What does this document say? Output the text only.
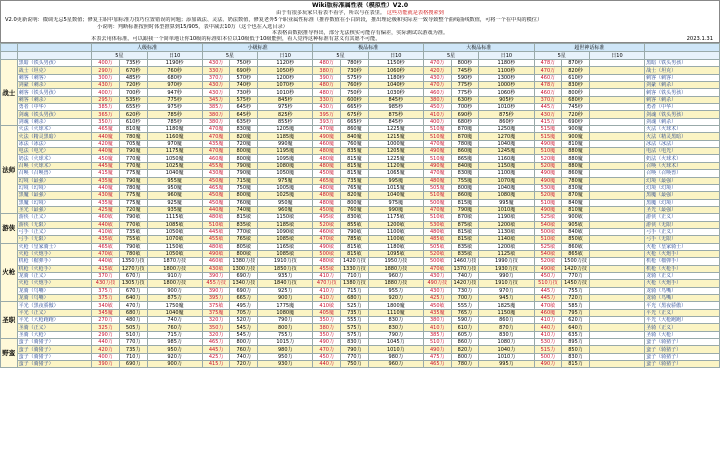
Wiki版标准属性表（模拟性）V2.0
由于有很多玩家只看表不看字，所以与在表里。 这些功能就是表格搜索到
V2.0更新说明：微调无忌5星数值；修复主职中加标准力技巧位置错误的问题；添加战法、灵法、奶法数值，修复老外5个职业属性标准（推荐数值在小白阶段，推出理论极和实际差一致导致整个曲线曲线数值，可将一个在中央的模位）
小说明：判断标准按照时体型推算到15/905，表中减去10万（这个也在入选目录）
本表格由数据推导得出，部分无法核实可能存有偏差，实际测试以游戏为准。
本表去用体标准。可以跟我一个简单地让你10级的标准如本位以10级低于10级能照，看人觉得这种标准有意义有其愿不可能。	2023.1.31
		人级标准			小级标准			极品标准			大极品标准			超世神话标准			
		5星		日10	5星		日10	5星		日10	5星		日10	5星		日10	
战士	黑暗（铁头男孩）	400万	735秒	1190秒	430万	750秒	1120秒	480万	780秒	1150秒	470万	800秒	1180秒	478万	870秒		黑暗（铁头男孩）
	战士（坦克）	290万	670秒	760秒	330万	690秒	1050秒	380万	730秒	1060秒	420万	745秒	1100秒	470万	820秒		战士（坦克）
	刺客（刺客）	300万	485秒	680秒	370万	570秒	1200秒	390万	575秒	1180秒	430万	590秒	1300秒	460万	610秒		刺客（刺客）
	剑豪（刺杀）	430万	720秒	970秒	430万	740秒	1070秒	480万	760秒	1040秒	470万	775秒	1000秒	478万	830秒		剑豪（刺杀）
	刺客（铁头男孩）	400万	700秒	947秒	430万	730秒	1010秒	480万	750秒	1030秒	460万	775秒	1060秒	460万	800秒		刺客（铁头男孩）
	刺客（刺杀）	295万	535秒	775秒	345万	575秒	845秒	330万	600秒	845秒	380万	630秒	905秒	370万	680秒		刺客（刺杀）
	勇者（中华）	385万	655秒	975秒	385万	645秒	975秒	430万	665秒	985秒	450万	700秒	1010秒	445万	745秒		勇者（中华）
	剑魂（铁头男孩）	365万	620秒	785秒	380万	645秒	825秒	395万	675秒	875秒	410万	690秒	875秒	430万	720秒		剑魂（铁头男孩）
	剑魂（刺杀）	350万	610秒	785秒	380万	635秒	855秒	393万	665秒	845秒	400万	680秒	860秒	415万	690秒		剑魂（刺杀）
法师	火法（火球术）	465魔	810魔	1180魔	470魔	830魔	1205魔	470魔	860魔	1225魔	510魔	870魔	1250魔	515魔	900魔		火法（火球术）
	火法（精灵黑暗）	440魔	780魔	1160魔	470魔	820魔	1185魔	490魔	840魔	1215魔	510魔	870魔	1270魔	515魔	900魔		火法（精灵黑暗）
	冰法（冰法）	420魔	705魔	970魔	435魔	720魔	990魔	460魔	760魔	1000魔	470魔	780魔	1040魔	490魔	810魔		冰法（冰法）
	电法（电光）	440魔	790魔	1175魔	470魔	800魔	1195魔	480魔	835魔	1205魔	490魔	860魔	1245魔	510魔	880魔		电法（电光）
	奶法（火球术）	450魔	770魔	1050魔	460魔	800魔	1095魔	480魔	815魔	1225魔	510魔	865魔	1160魔	520魔	880魔		奶法（火球术）
	召唤（火球术）	445魔	770魔	1025魔	455魔	790魔	1080魔	480魔	815魔	1120魔	490魔	840魔	1150魔	520魔	880魔		召唤（火球术）
	召唤（召唤兽）	415魔	775魔	1040魔	430魔	790魔	1050魔	450魔	815魔	1065魔	470魔	830魔	1100魔	490魔	860魔		召唤（召唤兽）
	幻境（最强）	435魔	790魔	955魔	450魔	715魔	975魔	465魔	735魔	995魔	480魔	755魔	1070魔	490魔	780魔		幻境（最强）
	幻境（幻境）	440魔	780魔	950魔	465魔	750魔	1005魔	480魔	765魔	1015魔	505魔	800魔	1040魔	530魔	830魔		幻境（幻境）
	黑魔（最强）	430魔	775魔	960魔	450魔	800魔	1025魔	480魔	820魔	1040魔	510魔	860魔	1080魔	520魔	870魔		黑魔（最强）
	黑魔（幻境）	435魔	775魔	925魔	450魔	760魔	950魔	480魔	800魔	975魔	500魔	815魔	995魔	510魔	840魔		黑魔（幻境）
	圣光（最强）	425魔	720魔	935魔	440魔	740魔	960魔	450魔	760魔	990魔	470魔	790魔	1010魔	490魔	810魔		圣光（最强）
游侠	游侠（正义）	460敏	790敏	1115敏	480敏	815敏	1150敏	495敏	830敏	1175敏	510敏	870敏	1190敏	525敏	900敏		游侠（正义）
	游侠（无限）	440敏	770敏	1085敏	510敏	835敏	1185敏	520敏	855敏	1200敏	530敏	875敏	1200敏	540敏	905敏		游侠（无限）
	弓手（正义）	410敏	735敏	1050敏	445敏	770敏	1090敏	460敏	790敏	1100敏	480敏	815敏	1130敏	500敏	840敏		弓手（正义）
	弓手（无限）	435敏	755敏	1070敏	455敏	765敏	1085敏	470敏	785敏	1100敏	485敏	815敏	1140敏	510敏	850敏		弓手（无限）
火枪	火枪（皇家骑士）	465敏	790敏	1150敏	480敏	805敏	1165敏	490敏	815敏	1180敏	505敏	835敏	1200敏	525敏	860敏		火枪（皇家骑士）
	火枪（火炮手）	470敏	780敏	1050敏	490敏	800敏	1085敏	500敏	815敏	1095敏	520敏	835敏	1125敏	540敏	865敏		火枪（火炮手）
	机枪（榴弹手）	440敏	1350力技	1870力技	460敏	1380力技	1910力技	480敏	1420力技	1950力技	500敏	1460力技	1990力技	520敏	1500力技		机枪（榴弹手）
	机枪（火枪手）	415敏	1270力技	1800力技	430敏	1300力技	1850力技	455敏	1330力技	1880力技	470敏	1370力技	1930力技	490敏	1420力技		机枪（火枪手）
	龙骑（正义）	370力	670力	910力	390力	690力	935力	410力	710力	960力	430力	740力	990力	450力	770力		龙骑（正义）
	火枪（火炮手）	430力技	1305力技	1800力技	455力技	1340力技	1840力技	470力技	1380力技	1880力技	490力技	1420力技	1910力技	510力技	1450力技		火枪（火炮手）
	龙骑（鸟嘴）	375力	670力	900力	390力	690力	925力	410力	715力	955力	430力	730力	970力	445力	755力		龙骑（鸟嘴）
	龙骑（鸟嘴）	375力	640力	875力	395力	665力	900力	410力	680力	920力	425力	700力	945力	445力	720力		龙骑（鸟嘴）
圣职	平光（黑夜骄傲）	340敏	470力	1750魔	375敏	495力	1775魔	410敏	525力	1800魔	450敏	555力	1825魔	470敏	585力		平光（黑夜骄傲）
	平光（正义）	345魔	680力	1040魔	375魔	705力	1080魔	405魔	735力	1110魔	435魔	765力	1150魔	460魔	795力		平光（正义）
	平光（大枪跑跑）	270力	480力	740力	320力	520力	790力	350力	555力	830力	380力	590力	860力	410力	620力		平光（大枪跑跑）
	圣骑（正义）	325力	505力	760力	350力	545力	800力	380力	575力	830力	410力	610力	870力	440力	640力		圣骑（正义）
	圣骑（大枪）	290力	510力	715力	320力	545力	755力	350力	575力	790力	385力	605力	830力	410力	635力		圣骑（大枪）
野蛮	蛮子（骑猪子）	440力	770力	985力	465力	800力	1015力	490力	830力	1045力	510力	860力	1080力	530力	895力		蛮子（骑猪子）
	蛮子（骑猪子）	420力	735力	950力	445力	760力	980力	470力	790力	1010力	490力	820力	1040力	515力	850力		蛮子（骑猪子）
	蛮子（骑猪子）	400力	710力	920力	425力	740力	950力	450力	770力	980力	475力	800力	1010力	500力	830力		蛮子（骑猪子）
	蛮子（骑猪子）	390力	690力	900力	415力	720力	930力	440力	750力	960力	465力	780力	995力	490力	815力		蛮子（骑猪子）
